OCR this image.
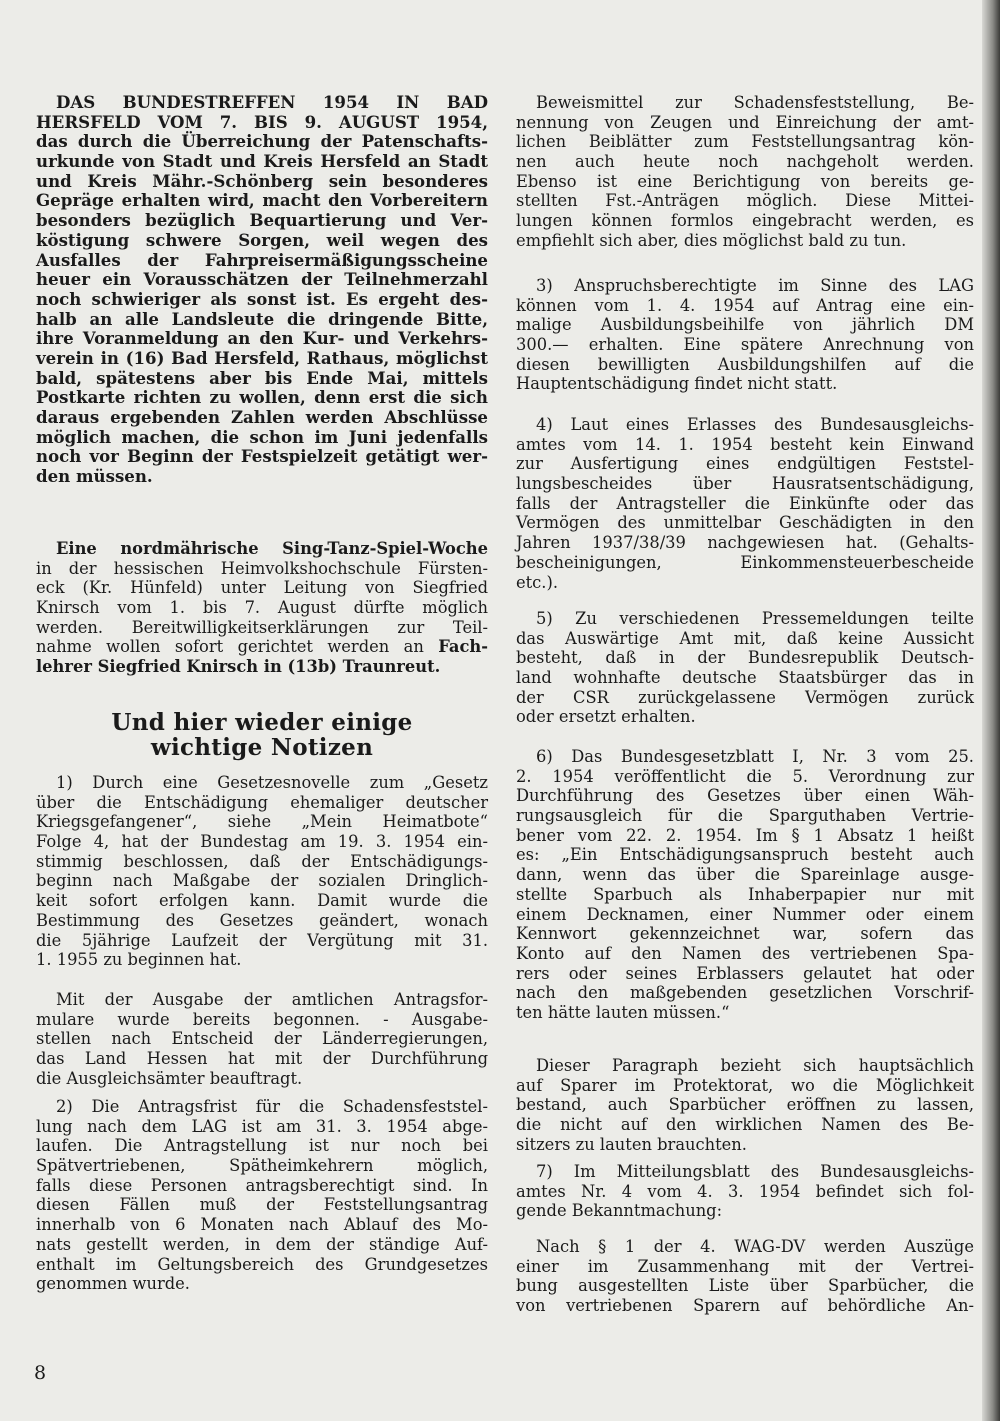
DAS BUNDESTREFFEN 1954 IN BAD
HERSFELD VOM 7. BIS 9. AUGUST 1954,
das durch die Überreichung der Patenschafts-
urkunde von Stadt und Kreis Hersfeld an Stadt
und Kreis Mähr.-Schönberg sein besonderes
Gepräge erhalten wird, macht den Vorbereitern
besonders bezüglich Bequartierung und Ver-
köstigung schwere Sorgen, weil wegen des
Ausfalles der Fahrpreisermäßigungsscheine
heuer ein Vorausschätzen der Teilnehmerzahl
noch schwieriger als sonst ist. Es ergeht des-
halb an alle Landsleute die dringende Bitte,
ihre Voranmeldung an den Kur- und Verkehrs-
verein in (16) Bad Hersfeld, Rathaus, möglichst
bald, spätestens aber bis Ende Mai, mittels
Postkarte richten zu wollen, denn erst die sich
daraus ergebenden Zahlen werden Abschlüsse
möglich machen, die schon im Juni jedenfalls
noch vor Beginn der Festspielzeit getätigt wer-
den müssen.
Eine nordmährische Sing-Tanz-Spiel-Woche
in der hessischen Heimvolkshochschule Fürsten-
eck (Kr. Hünfeld) unter Leitung von Siegfried
Knirsch vom 1. bis 7. August dürfte möglich
werden. Bereitwilligkeitserklärungen zur Teil-
nahme wollen sofort gerichtet werden an Fach-
lehrer Siegfried Knirsch in (13b) Traunreut.
1) Durch eine Gesetzesnovelle zum „Gesetz
über die Entschädigung ehemaliger deutscher
Kriegsgefangener“, siehe „Mein Heimatbote“
Folge 4, hat der Bundestag am 19. 3. 1954 ein-
stimmig beschlossen, daß der Entschädigungs-
beginn nach Maßgabe der sozialen Dringlich-
keit sofort erfolgen kann. Damit wurde die
Bestimmung des Gesetzes geändert, wonach
die 5jährige Laufzeit der Vergütung mit 31.
1. 1955 zu beginnen hat.
Mit der Ausgabe der amtlichen Antragsfor-
mulare wurde bereits begonnen. - Ausgabe-
stellen nach Entscheid der Länderregierungen,
das Land Hessen hat mit der Durchführung
die Ausgleichsämter beauftragt.
2) Die Antragsfrist für die Schadensfeststel-
lung nach dem LAG ist am 31. 3. 1954 abge-
laufen. Die Antragstellung ist nur noch bei
Spätvertriebenen, Spätheimkehrern möglich,
falls diese Personen antragsberechtigt sind. In
diesen Fällen muß der Feststellungsantrag
innerhalb von 6 Monaten nach Ablauf des Mo-
nats gestellt werden, in dem der ständige Auf-
enthalt im Geltungsbereich des Grundgesetzes
genommen wurde.
Beweismittel zur Schadensfeststellung, Be-
nennung von Zeugen und Einreichung der amt-
lichen Beiblätter zum Feststellungsantrag kön-
nen auch heute noch nachgeholt werden.
Ebenso ist eine Berichtigung von bereits ge-
stellten Fst.-Anträgen möglich. Diese Mittei-
lungen können formlos eingebracht werden, es
empfiehlt sich aber, dies möglichst bald zu tun.
3) Anspruchsberechtigte im Sinne des LAG
können vom 1. 4. 1954 auf Antrag eine ein-
malige Ausbildungsbeihilfe von jährlich DM
300.— erhalten. Eine spätere Anrechnung von
diesen bewilligten Ausbildungshilfen auf die
Hauptentschädigung findet nicht statt.
4) Laut eines Erlasses des Bundesausgleichs-
amtes vom 14. 1. 1954 besteht kein Einwand
zur Ausfertigung eines endgültigen Feststel-
lungsbescheides über Hausratsentschädigung,
falls der Antragsteller die Einkünfte oder das
Vermögen des unmittelbar Geschädigten in den
Jahren 1937/38/39 nachgewiesen hat. (Gehalts-
bescheinigungen, Einkommensteuerbescheide
etc.).
5) Zu verschiedenen Pressemeldungen teilte
das Auswärtige Amt mit, daß keine Aussicht
besteht, daß in der Bundesrepublik Deutsch-
land wohnhafte deutsche Staatsbürger das in
der CSR zurückgelassene Vermögen zurück
oder ersetzt erhalten.
6) Das Bundesgesetzblatt I, Nr. 3 vom 25.
2. 1954 veröffentlicht die 5. Verordnung zur
Durchführung des Gesetzes über einen Wäh-
rungsausgleich für die Sparguthaben Vertrie-
bener vom 22. 2. 1954. Im § 1 Absatz 1 heißt
es: „Ein Entschädigungsanspruch besteht auch
dann, wenn das über die Spareinlage ausge-
stellte Sparbuch als Inhaberpapier nur mit
einem Decknamen, einer Nummer oder einem
Kennwort gekennzeichnet war, sofern das
Konto auf den Namen des vertriebenen Spa-
rers oder seines Erblassers gelautet hat oder
nach den maßgebenden gesetzlichen Vorschrif-
ten hätte lauten müssen.“
Dieser Paragraph bezieht sich hauptsächlich
auf Sparer im Protektorat, wo die Möglichkeit
bestand, auch Sparbücher eröffnen zu lassen,
die nicht auf den wirklichen Namen des Be-
sitzers zu lauten brauchten.
7) Im Mitteilungsblatt des Bundesausgleichs-
amtes Nr. 4 vom 4. 3. 1954 befindet sich fol-
gende Bekanntmachung:
Nach § 1 der 4. WAG-DV werden Auszüge
einer im Zusammenhang mit der Vertrei-
bung ausgestellten Liste über Sparbücher, die
von vertriebenen Sparern auf behördliche An-
Und hier wieder einige
wichtige Notizen
8
